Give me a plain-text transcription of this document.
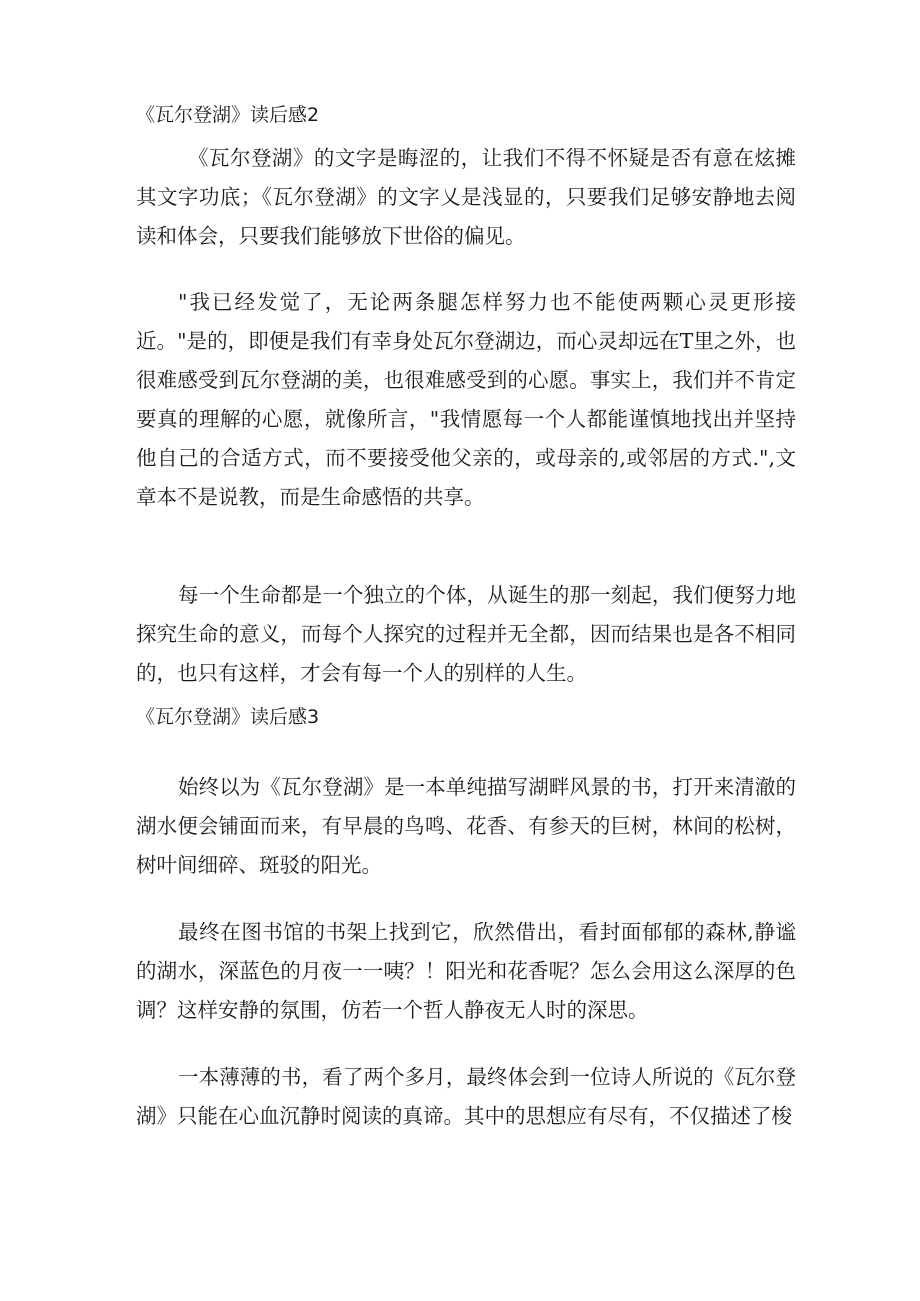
《瓦尔登湖》读后感2

《瓦尔登湖》的文字是晦涩的，让我们不得不怀疑是否有意在炫摊其文字功底；《瓦尔登湖》的文字乂是浅显的，只要我们足够安静地去阅读和体会，只要我们能够放下世俗的偏见。

"我已经发觉了，无论两条腿怎样努力也不能使两颗心灵更形接近。"是的，即便是我们有幸身处瓦尔登湖边，而心灵却远在T里之外，也很难感受到瓦尔登湖的美，也很难感受到的心愿。事实上，我们并不肯定要真的理解的心愿，就像所言，"我情愿每一个人都能谨慎地找出并坚持他自己的合适方式，而不要接受他父亲的，或母亲的,或邻居的方式.",文章本不是说教，而是生命感悟的共享。

每一个生命都是一个独立的个体，从诞生的那一刻起，我们便努力地探究生命的意义，而每个人探究的过程并无全都，因而结果也是各不相同的，也只有这样，才会有每一个人的别样的人生。

《瓦尔登湖》读后感3

始终以为《瓦尔登湖》是一本单纯描写湖畔风景的书，打开来清澈的湖水便会铺面而来，有早晨的鸟鸣、花香、有参天的巨树，林间的松树，树叶间细碎、斑驳的阳光。

最终在图书馆的书架上找到它，欣然借出，看封面郁郁的森林,静谧的湖水，深蓝色的月夜一一咦？！阳光和花香呢？怎么会用这么深厚的色调？这样安静的氛围，仿若一个哲人静夜无人时的深思。

一本薄薄的书，看了两个多月，最终体会到一位诗人所说的《瓦尔登湖》只能在心血沉静时阅读的真谛。其中的思想应有尽有，不仅描述了梭
